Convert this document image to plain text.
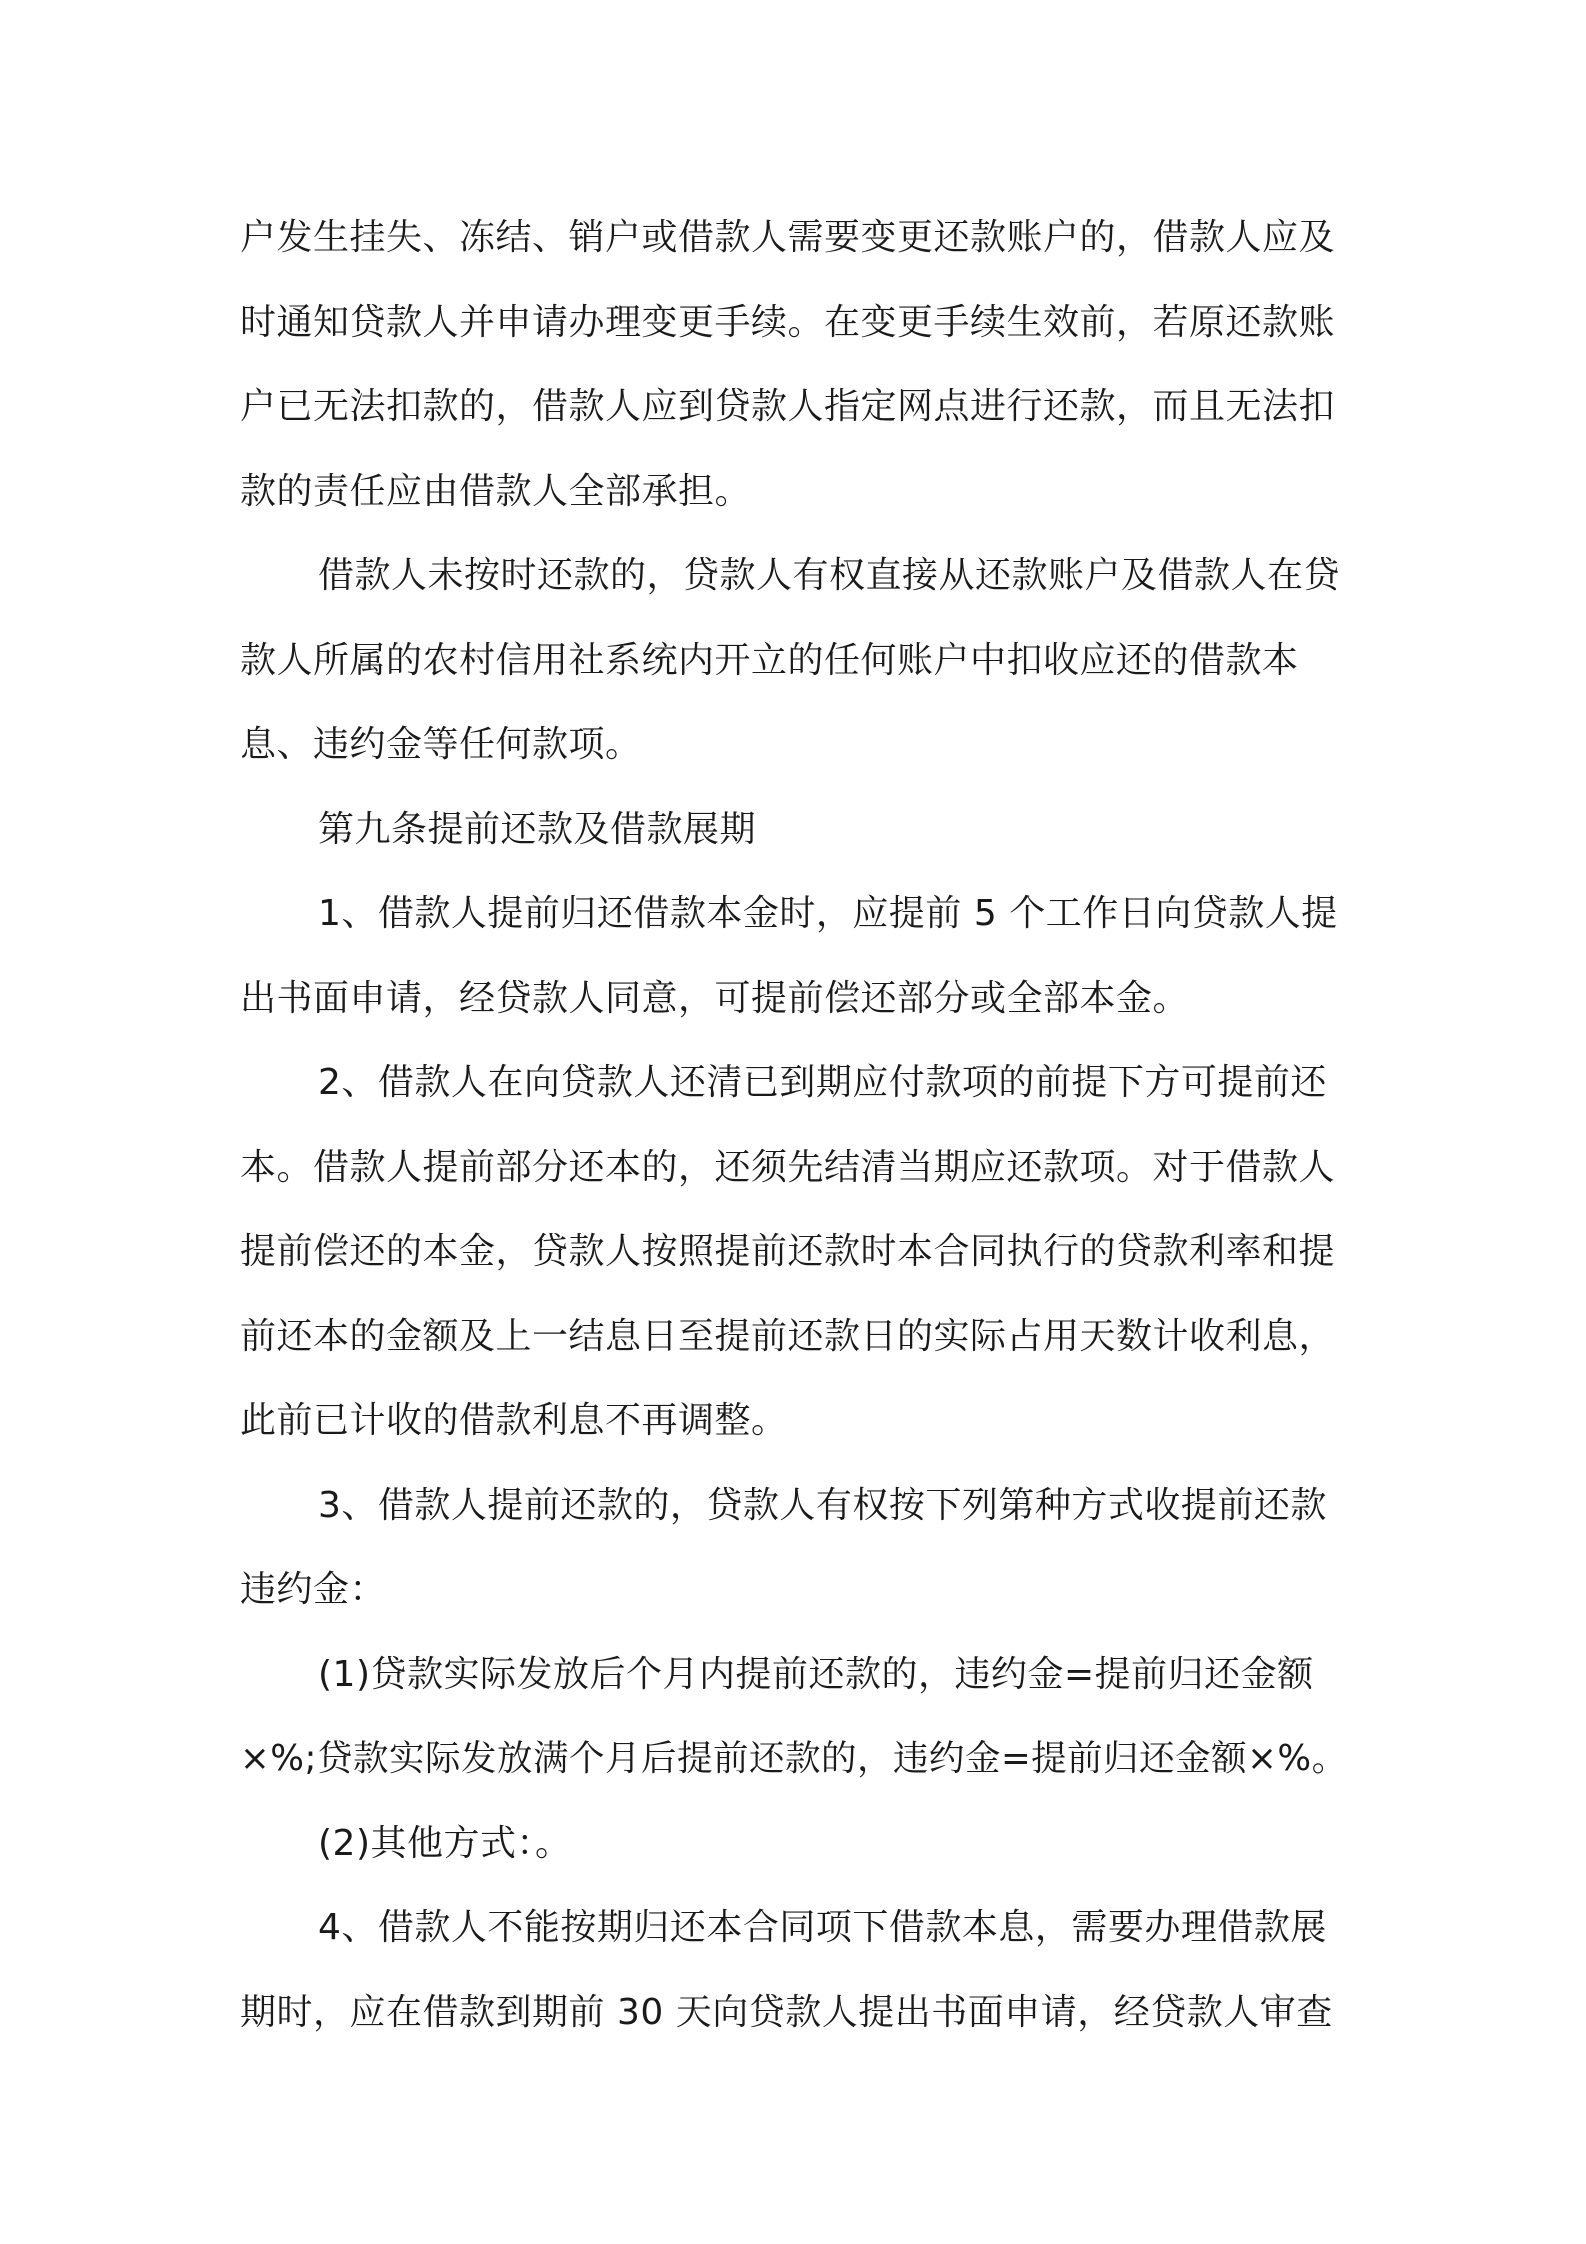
户发生挂失、冻结、销户或借款人需要变更还款账户的，借款人应及
时通知贷款人并申请办理变更手续。在变更手续生效前，若原还款账
户已无法扣款的，借款人应到贷款人指定网点进行还款，而且无法扣
款的责任应由借款人全部承担。
借款人未按时还款的，贷款人有权直接从还款账户及借款人在贷
款人所属的农村信用社系统内开立的任何账户中扣收应还的借款本
息、违约金等任何款项。
第九条提前还款及借款展期
1、借款人提前归还借款本金时，应提前 5 个工作日向贷款人提
出书面申请，经贷款人同意，可提前偿还部分或全部本金。
2、借款人在向贷款人还清已到期应付款项的前提下方可提前还
本。借款人提前部分还本的，还须先结清当期应还款项。对于借款人
提前偿还的本金，贷款人按照提前还款时本合同执行的贷款利率和提
前还本的金额及上一结息日至提前还款日的实际占用天数计收利息，
此前已计收的借款利息不再调整。
3、借款人提前还款的，贷款人有权按下列第种方式收提前还款
违约金：
(1)贷款实际发放后个月内提前还款的，违约金=提前归还金额
×%;贷款实际发放满个月后提前还款的，违约金=提前归还金额×%。
(2)其他方式：。
4、借款人不能按期归还本合同项下借款本息，需要办理借款展
期时，应在借款到期前 30 天向贷款人提出书面申请，经贷款人审查
